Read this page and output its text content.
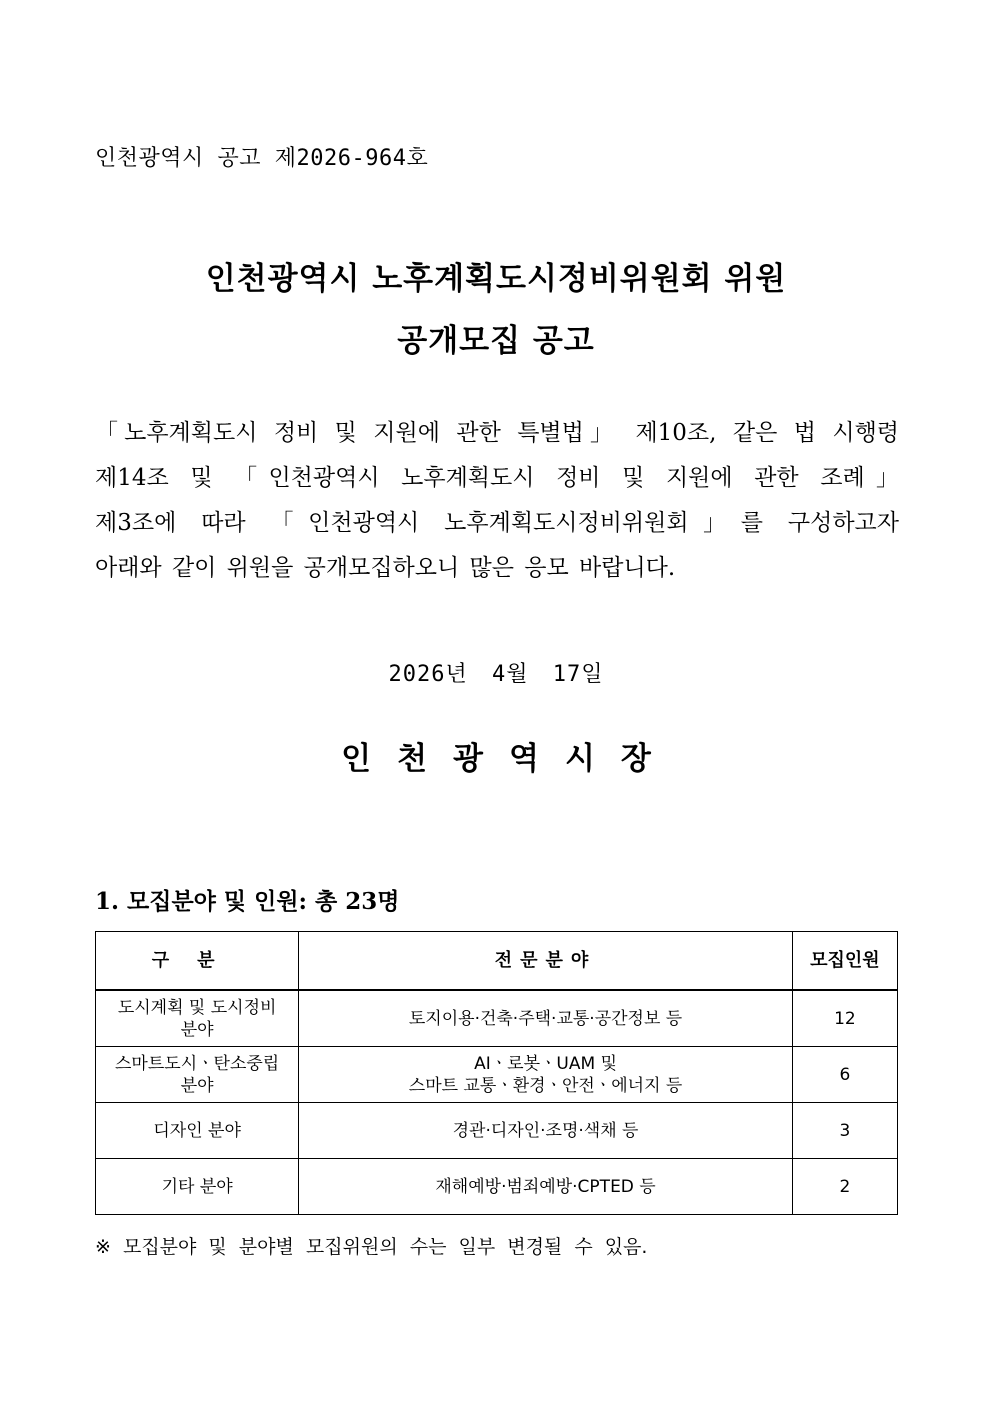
인천광역시 공고 제2026-964호
인천광역시 노후계획도시정비위원회 위원
공개모집 공고
「노후계획도시 정비 및 지원에 관한 특별법」 제10조, 같은 법 시행령
제14조 및 「인천광역시 노후계획도시 정비 및 지원에 관한 조례」
제3조에 따라 「인천광역시 노후계획도시정비위원회」를 구성하고자
아래와 같이 위원을 공개모집하오니 많은 응모 바랍니다.
2026년 4월 17일
인천광역시장
1. 모집분야 및 인원: 총 23명
구분	전문분야	모집인원

도시계획 및 도시정비
분야	토지이용·건축·주택·교통·공간정보 등	12

스마트도시ㆍ탄소중립
분야	AIㆍ로봇ㆍUAM 및
스마트 교통ㆍ환경ㆍ안전ㆍ에너지 등	6

디자인 분야	경관·디자인·조명·색채 등	3

기타 분야	재해예방·범죄예방·CPTED 등	2
※ 모집분야 및 분야별 모집위원의 수는 일부 변경될 수 있음.
